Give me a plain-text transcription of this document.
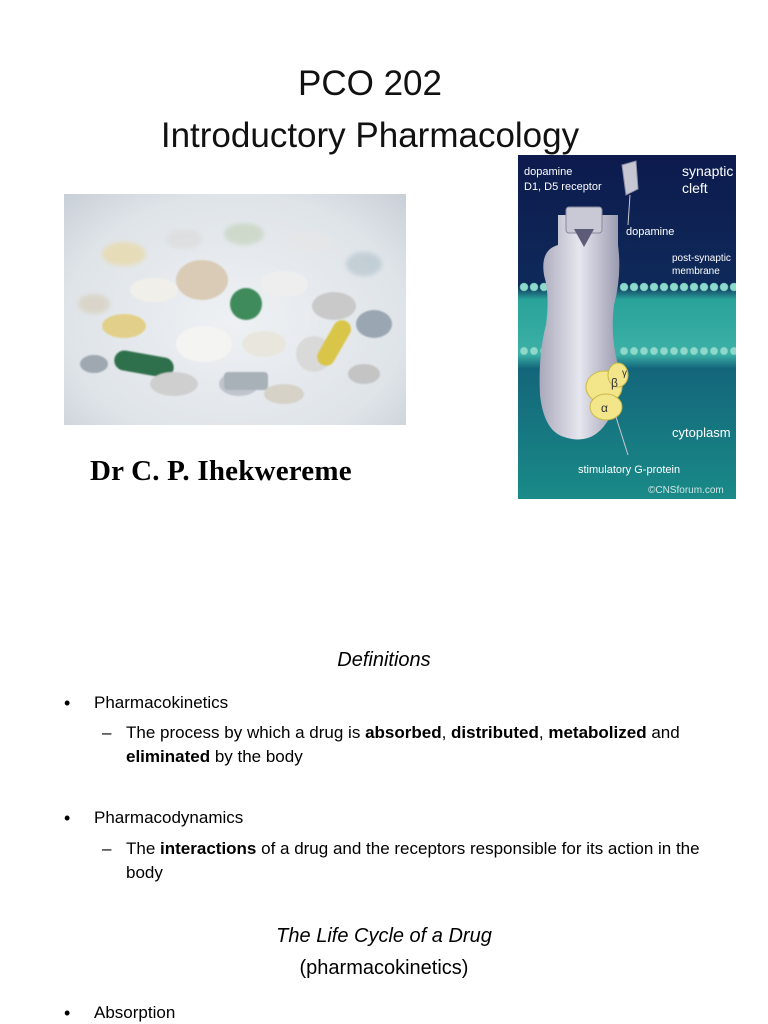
PCO 202
Introductory Pharmacology
Dr C. P. Ihekwereme
dopamine
D1, D5 receptor
synaptic
cleft
dopamine
post-synaptic
membrane
cytoplasm
stimulatory G-protein
©CNSforum.com
β
γ
α
Definitions
• Pharmacokinetics
– The process by which a drug is absorbed, distributed, metabolized and eliminated by the body
• Pharmacodynamics
– The interactions of a drug and the receptors responsible for its action in the body
The Life Cycle of a Drug
(pharmacokinetics)
• Absorption
